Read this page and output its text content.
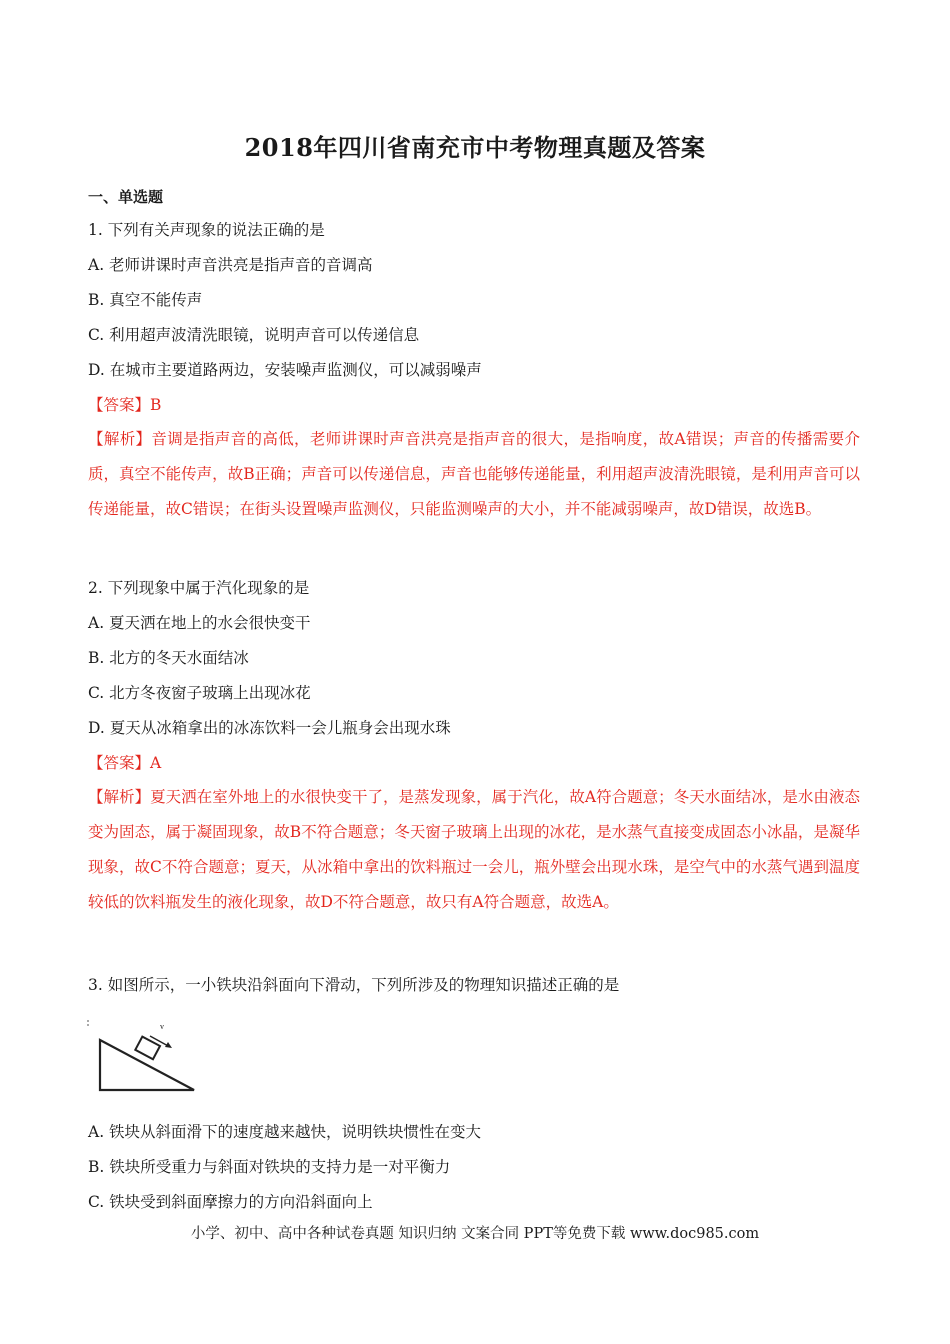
2018年四川省南充市中考物理真题及答案
一、单选题
1. 下列有关声现象的说法正确的是
A. 老师讲课时声音洪亮是指声音的音调高
B. 真空不能传声
C. 利用超声波清洗眼镜，说明声音可以传递信息
D. 在城市主要道路两边，安装噪声监测仪，可以减弱噪声
【答案】B
【解析】音调是指声音的高低，老师讲课时声音洪亮是指声音的很大，是指响度，故A错误；声音的传播需要介质，真空不能传声，故B正确；声音可以传递信息，声音也能够传递能量，利用超声波清洗眼镜，是利用声音可以传递能量，故C错误；在街头设置噪声监测仪，只能监测噪声的大小，并不能减弱噪声，故D错误，故选B。
2. 下列现象中属于汽化现象的是
A. 夏天洒在地上的水会很快变干
B. 北方的冬天水面结冰
C. 北方冬夜窗子玻璃上出现冰花
D. 夏天从冰箱拿出的冰冻饮料一会儿瓶身会出现水珠
【答案】A
【解析】夏天洒在室外地上的水很快变干了，是蒸发现象，属于汽化，故A符合题意；冬天水面结冰，是水由液态变为固态，属于凝固现象，故B不符合题意；冬天窗子玻璃上出现的冰花，是水蒸气直接变成固态小冰晶，是凝华现象，故C不符合题意；夏天，从冰箱中拿出的饮料瓶过一会儿，瓶外壁会出现水珠，是空气中的水蒸气遇到温度较低的饮料瓶发生的液化现象，故D不符合题意，故只有A符合题意，故选A。
3. 如图所示，一小铁块沿斜面向下滑动，下列所涉及的物理知识描述正确的是
v
A. 铁块从斜面滑下的速度越来越快，说明铁块惯性在变大
B. 铁块所受重力与斜面对铁块的支持力是一对平衡力
C. 铁块受到斜面摩擦力的方向沿斜面向上
小学、初中、高中各种试卷真题 知识归纳 文案合同 PPT等免费下载 www.doc985.com
